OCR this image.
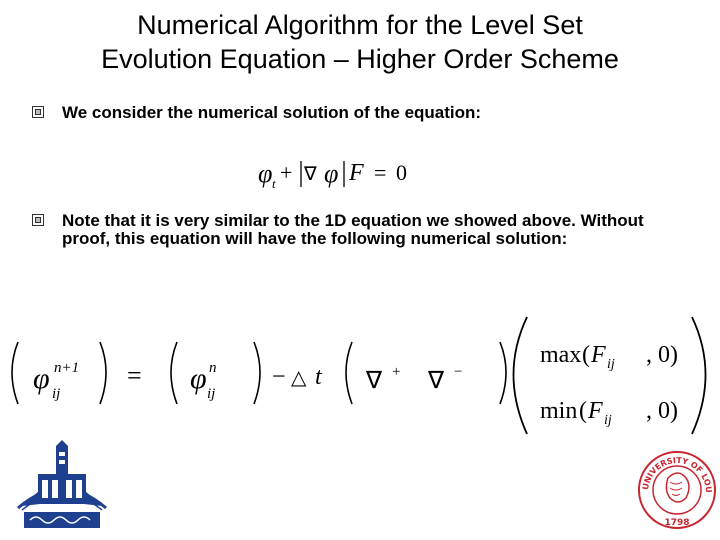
Numerical Algorithm for the Level Set
Evolution Equation – Higher Order Scheme
We consider the numerical solution of the equation:
φ t + ∇ φ F = 0
Note that it is very similar to the 1D equation we showed above. Without proof, this equation will have the following numerical solution:
φ n+1
ij
= φ n
ij
− △ t ∇ + ∇ −
max ( F ij , 0)
min ( F ij , 0)
UNIVERSITY OF LOUISVILLE
1798
